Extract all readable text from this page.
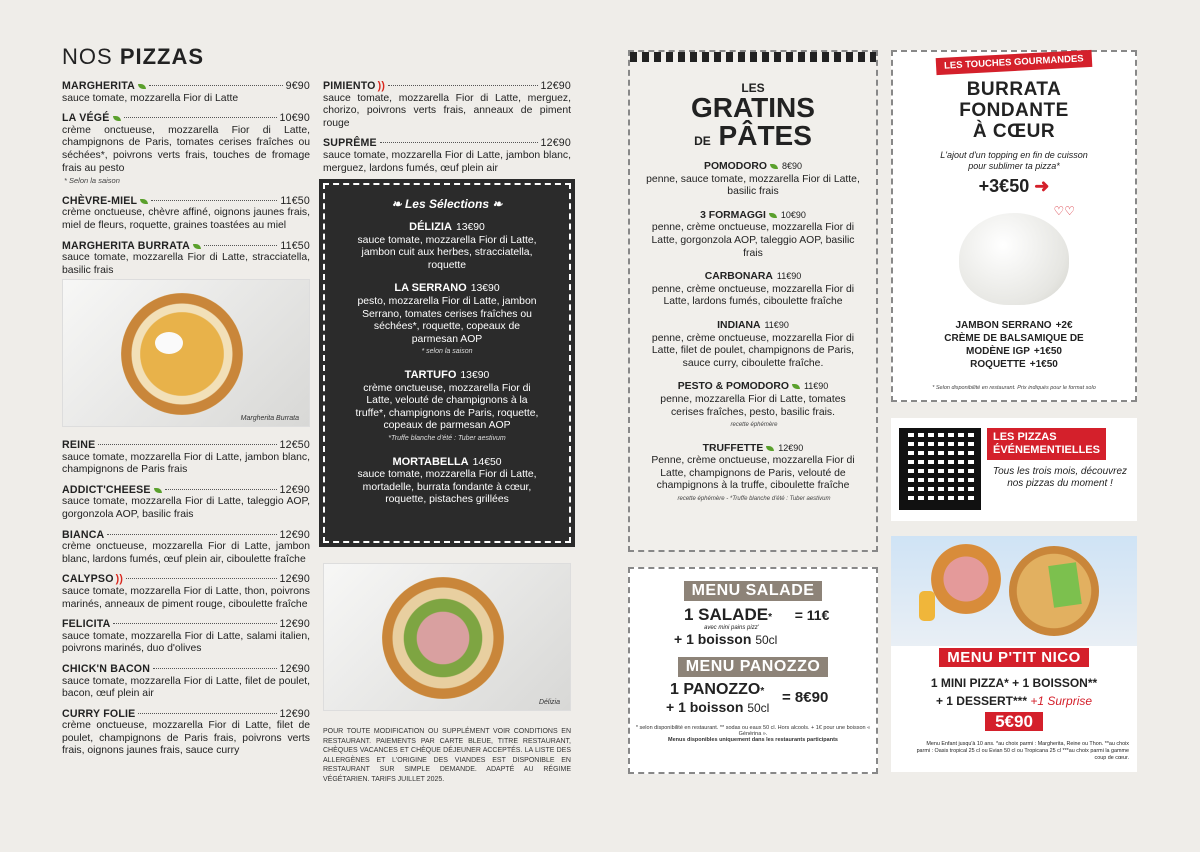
NOS PIZZAS
MARGHERITA	9€90
sauce tomate, mozzarella Fior di Latte
LA VÉGÉ	10€90
crème onctueuse, mozzarella Fior di Latte, champignons de Paris, tomates cerises fraîches ou séchées*, poivrons verts frais, touches de fromage frais au pesto
* Selon la saison
CHÈVRE-MIEL	11€50
crème onctueuse, chèvre affiné, oignons jaunes frais, miel de fleurs, roquette, graines toastées au miel
MARGHERITA BURRATA	11€50
sauce tomate, mozzarella Fior di Latte, stracciatella, basilic frais
Margherita Burrata
REINE	12€50
sauce tomate, mozzarella Fior di Latte, jambon blanc, champignons de Paris frais
ADDICT'CHEESE	12€90
sauce tomate, mozzarella Fior di Latte, taleggio AOP, gorgonzola AOP, basilic frais
BIANCA	12€90
crème onctueuse, mozzarella Fior di Latte, jambon blanc, lardons fumés, œuf plein air, ciboulette fraîche
CALYPSO ))	12€90
sauce tomate, mozzarella Fior di Latte, thon, poivrons marinés, anneaux de piment rouge, ciboulette fraîche
FELICITA	12€90
sauce tomate, mozzarella Fior di Latte, salami italien, poivrons marinés, duo d'olives
CHICK'N BACON	12€90
sauce tomate, mozzarella Fior di Latte, filet de poulet, bacon, œuf plein air
CURRY FOLIE	12€90
crème onctueuse, mozzarella Fior di Latte, filet de poulet, champignons de Paris frais, poivrons verts frais, oignons jaunes frais, sauce curry
PIMIENTO ))	12€90
sauce tomate, mozzarella Fior di Latte, merguez, chorizo, poivrons verts frais, anneaux de piment rouge
SUPRÊME	12€90
sauce tomate, mozzarella Fior di Latte, jambon blanc, merguez, lardons fumés, œuf plein air
❧ Les Sélections ❧
DÉLIZIA 13€90
sauce tomate, mozzarella Fior di Latte, jambon cuit aux herbes, stracciatella, roquette
LA SERRANO 13€90
pesto, mozzarella Fior di Latte, jambon Serrano, tomates cerises fraîches ou séchées*, roquette, copeaux de parmesan AOP
* selon la saison
TARTUFO 13€90
crème onctueuse, mozzarella Fior di Latte, velouté de champignons à la truffe*, champignons de Paris, roquette, copeaux de parmesan AOP
*Truffe blanche d'été : Tuber aestivum
MORTABELLA 14€50
sauce tomate, mozzarella Fior di Latte, mortadelle, burrata fondante à cœur, roquette, pistaches grillées
Délizia
POUR TOUTE MODIFICATION OU SUPPLÉMENT VOIR CONDITIONS EN RESTAURANT. PAIEMENTS PAR CARTE BLEUE, TITRE RESTAURANT, CHÈQUES VACANCES ET CHÈQUE DÉJEUNER ACCEPTÉS. LA LISTE DES ALLERGÈNES ET L'ORIGINE DES VIANDES EST DISPONIBLE EN RESTAURANT SUR SIMPLE DEMANDE. ADAPTÉ AU RÉGIME VÉGÉTARIEN. TARIFS JUILLET 2025.
LES
GRATINS
DE PÂTES
POMODORO 8€90
penne, sauce tomate, mozzarella Fior di Latte, basilic frais
3 FORMAGGI 10€90
penne, crème onctueuse, mozzarella Fior di Latte, gorgonzola AOP, taleggio AOP, basilic frais
CARBONARA 11€90
penne, crème onctueuse, mozzarella Fior di Latte, lardons fumés, ciboulette fraîche
INDIANA 11€90
penne, crème onctueuse, mozzarella Fior di Latte, filet de poulet, champignons de Paris, sauce curry, ciboulette fraîche.
PESTO & POMODORO 11€90
penne, mozzarella Fior di Latte, tomates cerises fraîches, pesto, basilic frais.
recette éphémère
TRUFFETTE 12€90
Penne, crème onctueuse, mozzarella Fior di Latte, champignons de Paris, velouté de champignons à la truffe, ciboulette fraîche
recette éphémère - *Truffe blanche d'été : Tuber aestivum
MENU SALADE
1 SALADE* = 11€
avec mini pains pizz'
+ 1 boisson 50cl
MENU PANOZZO
1 PANOZZO*
+ 1 boisson 50cl
= 8€90
* selon disponibilité en restaurant. ** sodas ou eaux 50 cl. Hors alcools. + 1€ pour une boisson « Générina ».
Menus disponibles uniquement dans les restaurants participants
LES TOUCHES GOURMANDES
BURRATA
FONDANTE
À CŒUR
L'ajout d'un topping en fin de cuisson pour sublimer ta pizza*
+3€50 ➜
♡♡
JAMBON SERRANO +2€
CRÈME DE BALSAMIQUE DE MODÈNE IGP +1€50
ROQUETTE +1€50
* Selon disponibilité en restaurant. Prix indiqués pour le format solo
LES PIZZAS
ÉVÉNEMENTIELLES
Tous les trois mois, découvrez nos pizzas du moment !
MENU P'TIT NICO
1 MINI PIZZA* + 1 BOISSON**
+ 1 DESSERT*** +1 Surprise
5€90
Menu Enfant jusqu'à 10 ans. *au choix parmi : Margherita, Reine ou Thon. **au choix parmi : Oasis tropical 25 cl ou Evian 50 cl ou Tropicana 25 cl ***au choix parmi la gamme coup de cœur.
